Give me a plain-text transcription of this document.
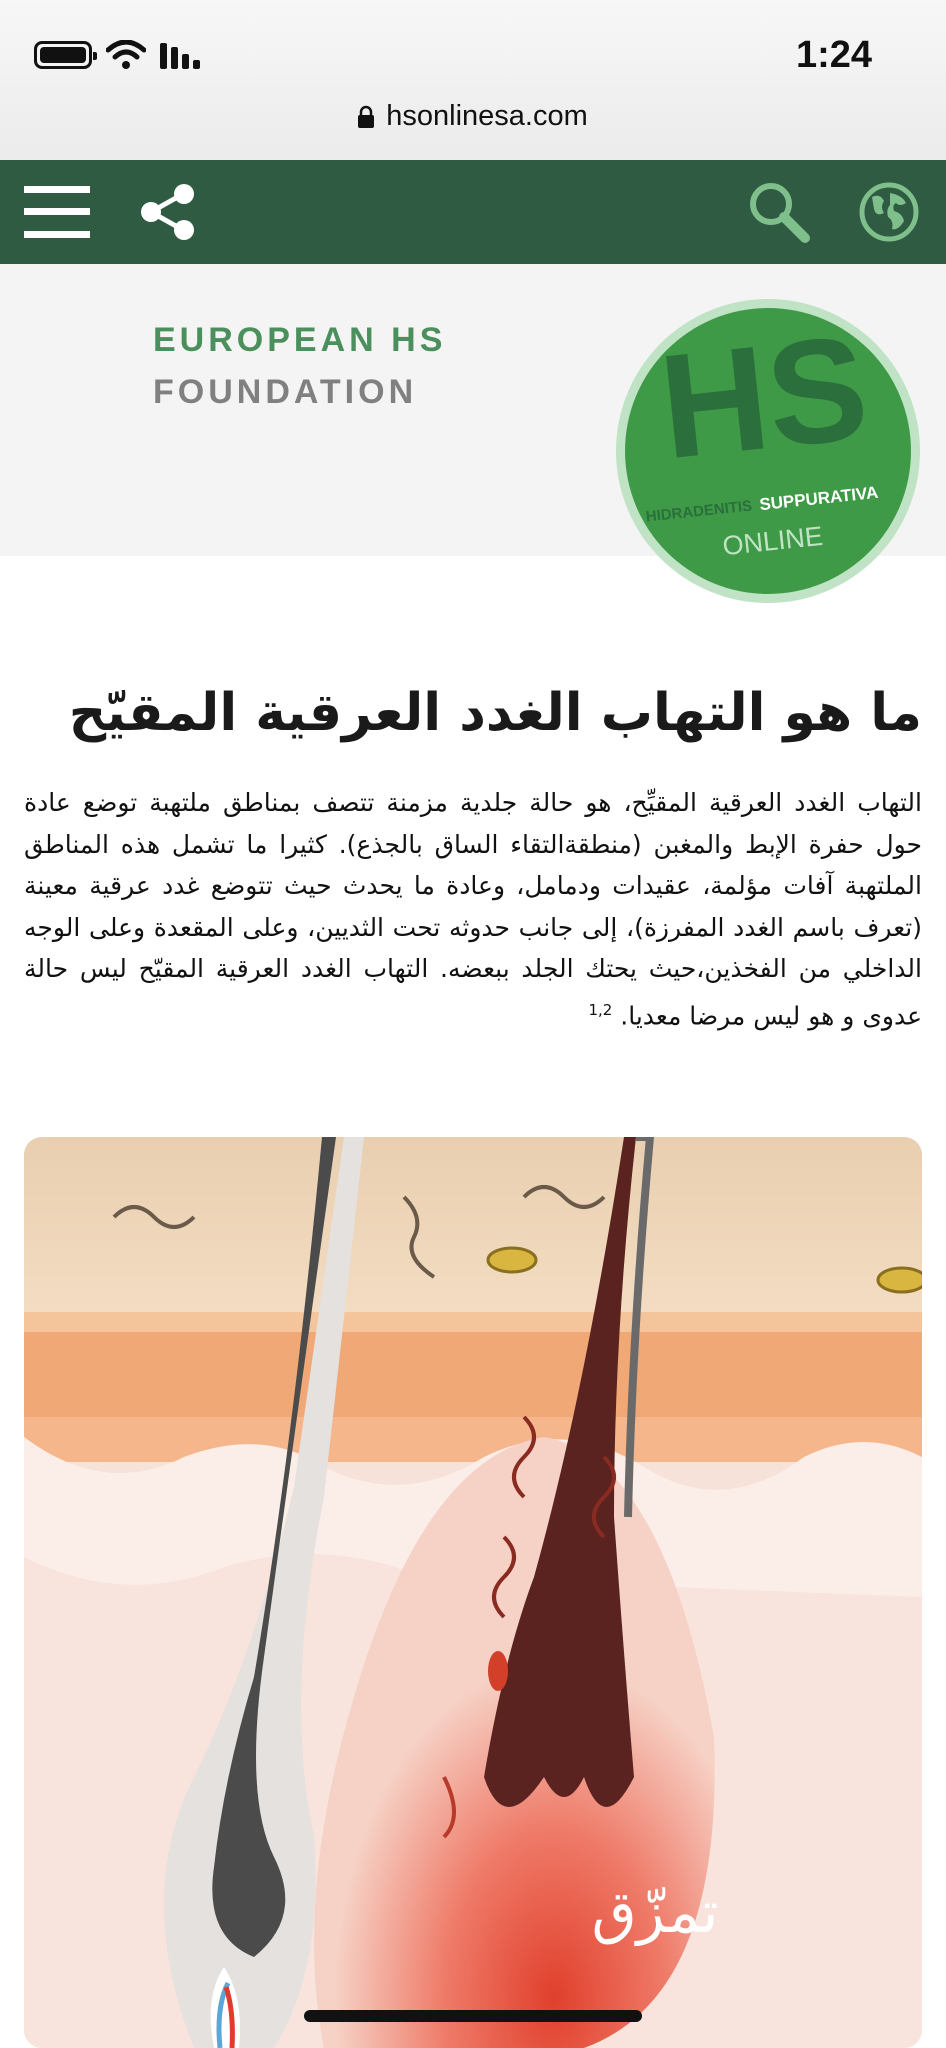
1:24
hsonlinesa.com
EUROPEAN HS
FOUNDATION HS
HIDRADENITIS SUPPURATIVA
ONLINE
ما هو التهاب الغدد العرقية المقيّح

التهاب الغدد العرقية المقيِّح، هو حالة جلدية مزمنة تتصف بمناطق ملتهبة توضع عادة حول حفرة الإبط والمغبن (منطقةالتقاء الساق بالجذع). كثيرا ما تشمل هذه المناطق الملتهبة آفات مؤلمة، عقيدات ودمامل، وعادة ما يحدث حيث تتوضع غدد عرقية معينة (تعرف باسم الغدد المفرزة)، إلى جانب حدوثه تحت الثديين، وعلى المقعدة وعلى الوجه الداخلي من الفخذين،حيث يحتك الجلد ببعضه. التهاب الغدد العرقية المقيّح ليس حالة عدوى و هو ليس مرضا معديا. $^{1,2}$

تمزّق
